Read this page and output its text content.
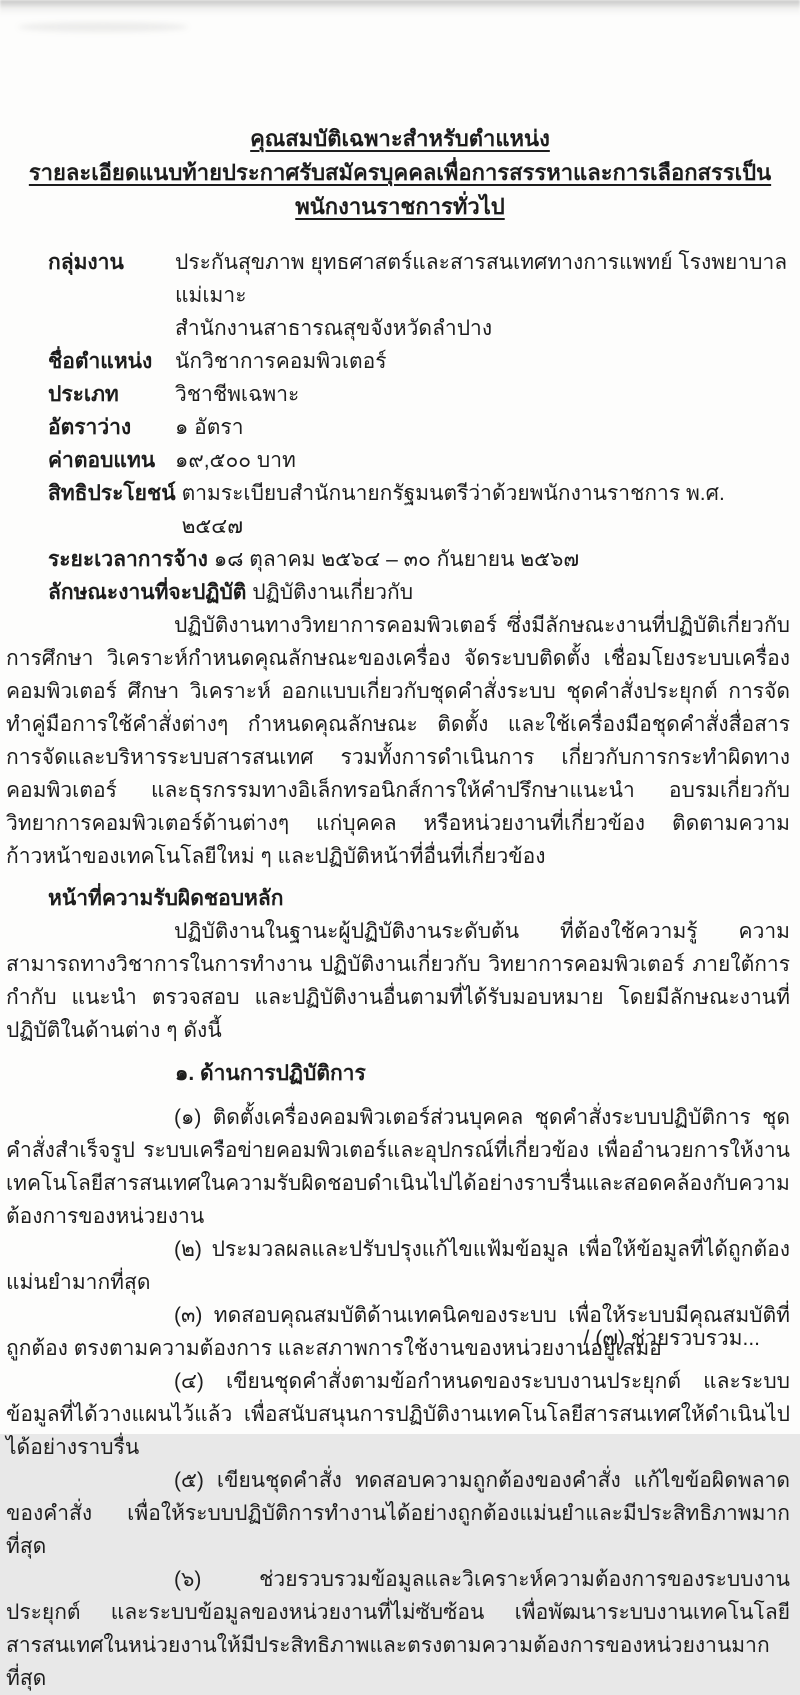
คุณสมบัติเฉพาะสำหรับตำแหน่ง

รายละเอียดแนบท้ายประกาศรับสมัครบุคคลเพื่อการสรรหาและการเลือกสรรเป็นพนักงานราชการทั่วไป

กลุ่มงาน	ประกันสุขภาพ ยุทธศาสตร์และสารสนเทศทางการแพทย์ โรงพยาบาลแม่เมาะ
สำนักงานสาธารณสุขจังหวัดลำปาง
ชื่อตำแหน่ง	นักวิชาการคอมพิวเตอร์
ประเภท	วิชาชีพเฉพาะ
อัตราว่าง	๑ อัตรา
ค่าตอบแทน ๑๙,๕๐๐ บาท
สิทธิประโยชน์ ตามระเบียบสำนักนายกรัฐมนตรีว่าด้วยพนักงานราชการ พ.ศ. ๒๕๔๗
ระยะเวลาการจ้าง ๑๘ ตุลาคม ๒๕๖๔ – ๓๐ กันยายน ๒๕๖๗
ลักษณะงานที่จะปฏิบัติ ปฏิบัติงานเกี่ยวกับ

ปฏิบัติงานทางวิทยาการคอมพิวเตอร์ ซึ่งมีลักษณะงานที่ปฏิบัติเกี่ยวกับการศึกษา วิเคราะห์กำหนดคุณลักษณะของเครื่อง จัดระบบติดตั้ง เชื่อมโยงระบบเครื่องคอมพิวเตอร์ ศึกษา วิเคราะห์ ออกแบบเกี่ยวกับชุดคำสั่งระบบ ชุดคำสั่งประยุกต์ การจัดทำคู่มือการใช้คำสั่งต่างๆ กำหนดคุณลักษณะ ติดตั้ง และใช้เครื่องมือชุดคำสั่งสื่อสาร การจัดและบริหารระบบสารสนเทศ รวมทั้งการดำเนินการ เกี่ยวกับการกระทำผิดทางคอมพิวเตอร์ และธุรกรรมทางอิเล็กทรอนิกส์การให้คำปรึกษาแนะนำ อบรมเกี่ยวกับวิทยาการคอมพิวเตอร์ด้านต่างๆ แก่บุคคล หรือหน่วยงานที่เกี่ยวข้อง ติดตามความก้าวหน้าของเทคโนโลยีใหม่ ๆ และปฏิบัติหน้าที่อื่นที่เกี่ยวข้อง

หน้าที่ความรับผิดชอบหลัก

ปฏิบัติงานในฐานะผู้ปฏิบัติงานระดับต้น ที่ต้องใช้ความรู้ ความสามารถทางวิชาการในการทำงาน ปฏิบัติงานเกี่ยวกับ วิทยาการคอมพิวเตอร์ ภายใต้การกำกับ แนะนำ ตรวจสอบ และปฏิบัติงานอื่นตามที่ได้รับมอบหมาย โดยมีลักษณะงานที่ปฏิบัติในด้านต่าง ๆ ดังนี้

๑. ด้านการปฏิบัติการ

(๑) ติดตั้งเครื่องคอมพิวเตอร์ส่วนบุคคล ชุดคำสั่งระบบปฏิบัติการ ชุดคำสั่งสำเร็จรูป ระบบเครือข่ายคอมพิวเตอร์และอุปกรณ์ที่เกี่ยวข้อง เพื่ออำนวยการให้งานเทคโนโลยีสารสนเทศในความรับผิดชอบดำเนินไปได้อย่างราบรื่นและสอดคล้องกับความต้องการของหน่วยงาน

(๒) ประมวลผลและปรับปรุงแก้ไขแฟ้มข้อมูล เพื่อให้ข้อมูลที่ได้ถูกต้องแม่นยำมากที่สุด

(๓) ทดสอบคุณสมบัติด้านเทคนิคของระบบ เพื่อให้ระบบมีคุณสมบัติที่ถูกต้อง ตรงตามความต้องการ และสภาพการใช้งานของหน่วยงานอยู่เสมอ

(๔) เขียนชุดคำสั่งตามข้อกำหนดของระบบงานประยุกต์ และระบบข้อมูลที่ได้วางแผนไว้แล้ว เพื่อสนับสนุนการปฏิบัติงานเทคโนโลยีสารสนเทศให้ดำเนินไปได้อย่างราบรื่น

(๕) เขียนชุดคำสั่ง ทดสอบความถูกต้องของคำสั่ง แก้ไขข้อผิดพลาดของคำสั่ง เพื่อให้ระบบปฏิบัติการทำงานได้อย่างถูกต้องแม่นยำและมีประสิทธิภาพมากที่สุด

(๖) ช่วยรวบรวมข้อมูลและวิเคราะห์ความต้องการของระบบงานประยุกต์ และระบบข้อมูลของหน่วยงานที่ไม่ซับซ้อน เพื่อพัฒนาระบบงานเทคโนโลยีสารสนเทศในหน่วยงานให้มีประสิทธิภาพและตรงตามความต้องการของหน่วยงานมากที่สุด

/ (๗) ช่วยรวบรวม...
